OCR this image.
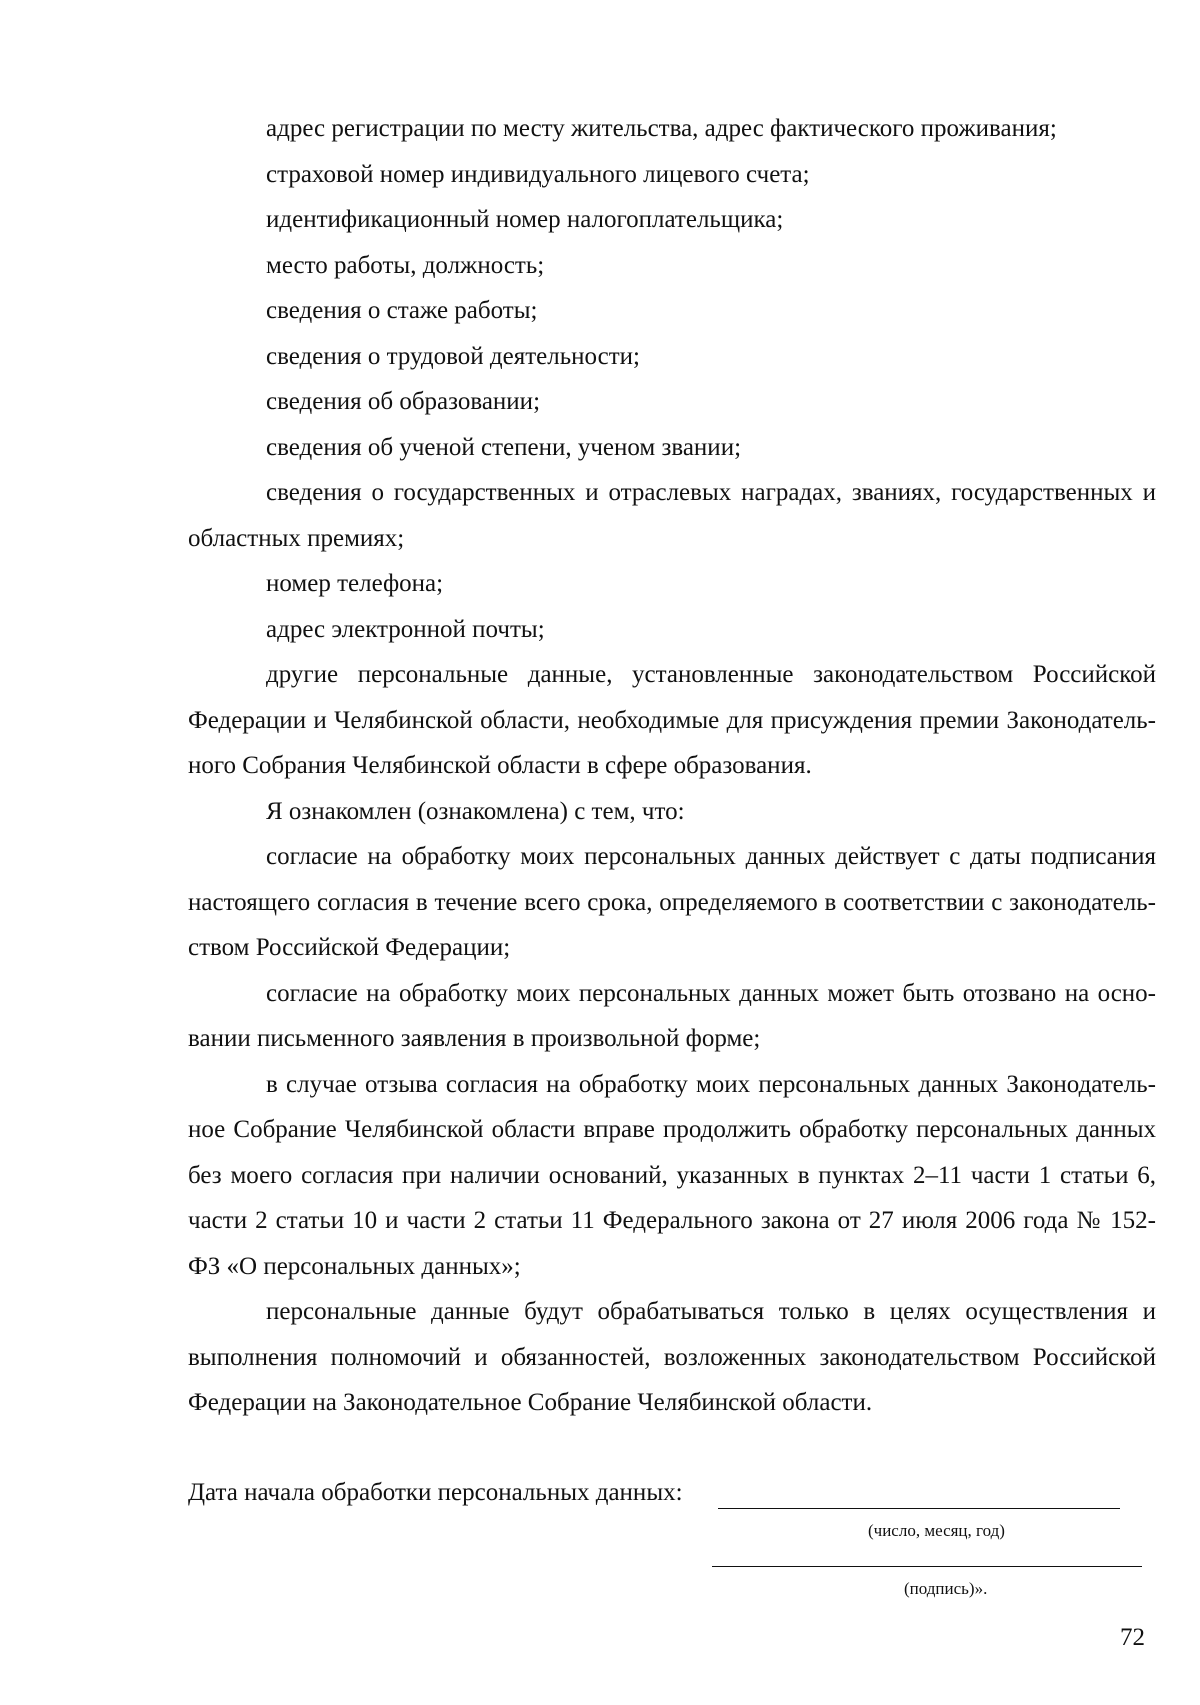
адрес регистрации по месту жительства, адрес фактического проживания;

страховой номер индивидуального лицевого счета;

идентификационный номер налогоплательщика;

место работы, должность;

сведения о стаже работы;

сведения о трудовой деятельности;

сведения об образовании;

сведения об ученой степени, ученом звании;

сведения о государственных и отраслевых наградах, званиях, государственных и областных премиях;

номер телефона;

адрес электронной почты;

другие персональные данные, установленные законодательством Российской Федерации и Челябинской области, необходимые для присуждения премии Законодательного Собрания Челябинской области в сфере образования.

Я ознакомлен (ознакомлена) с тем, что:

согласие на обработку моих персональных данных действует с даты подписания настоящего согласия в течение всего срока, определяемого в соответствии с законодательством Российской Федерации;

согласие на обработку моих персональных данных может быть отозвано на основании письменного заявления в произвольной форме;

в случае отзыва согласия на обработку моих персональных данных Законодательное Собрание Челябинской области вправе продолжить обработку персональных данных без моего согласия при наличии оснований, указанных в пунктах 2–11 части 1 статьи 6, части 2 статьи 10 и части 2 статьи 11 Федерального закона от 27 июля 2006 года № 152-ФЗ «О персональных данных»;

персональные данные будут обрабатываться только в целях осуществления и выполнения полномочий и обязанностей, возложенных законодательством Российской Федерации на Законодательное Собрание Челябинской области.

Дата начала обработки персональных данных:
(число, месяц, год)
(подпись)».
72
